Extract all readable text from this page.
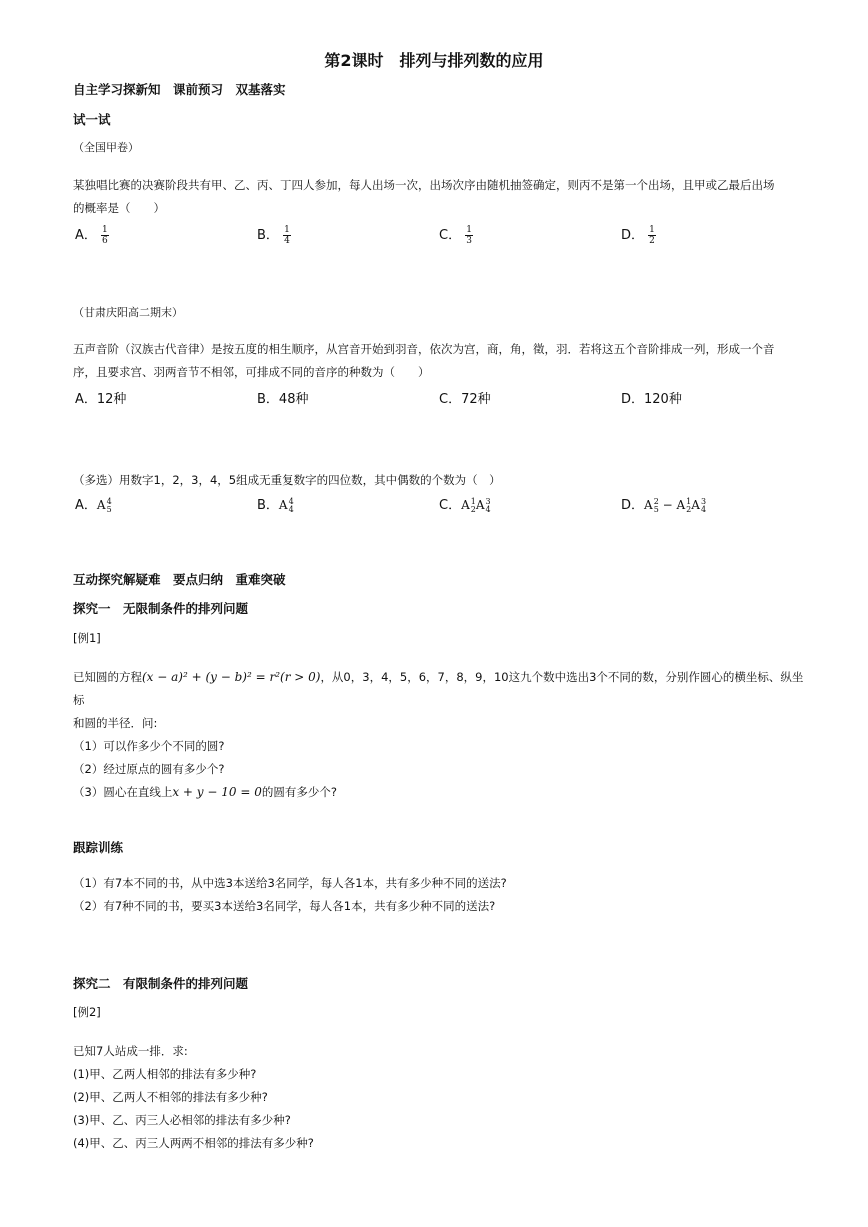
第2课时　排列与排列数的应用
自主学习探新知　课前预习　双基落实
试一试
（全国甲卷）
某独唱比赛的决赛阶段共有甲、乙、丙、丁四人参加，每人出场一次，出场次序由随机抽签确定，则丙不是第一个出场，且甲或乙最后出场
的概率是（　　）
A． $\frac{1}{6}$	B． $\frac{1}{4}$	C． $\frac{1}{3}$	D． $\frac{1}{2}$
（甘肃庆阳高二期末）
五声音阶（汉族古代音律）是按五度的相生顺序，从宫音开始到羽音，依次为宫，商，角，徵，羽．若将这五个音阶排成一列，形成一个音
序，且要求宫、羽两音节不相邻，可排成不同的音序的种数为（　　）
A．12种	B．48种	C．72种	D．120种
（多选）用数字1，2，3，4，5组成无重复数字的四位数，其中偶数的个数为（　）
A．A 4
5	B．A 4
4	C．A 1
2 A 3
4	D．A 2
5 − A 1
2 A 3
4
互动探究解疑难　要点归纳　重难突破
探究一　无限制条件的排列问题
[例1]
已知圆的方程(x − a)² + (y − b)² = r²(r > 0)，从0，3，4，5，6，7，8，9，10这九个数中选出3个不同的数，分别作圆心的横坐标、纵坐标
和圆的半径．问:
（1）可以作多少个不同的圆?
（2）经过原点的圆有多少个?
（3）圆心在直线上x + y − 10 = 0的圆有多少个?
跟踪训练
（1）有7本不同的书，从中选3本送给3名同学，每人各1本，共有多少种不同的送法?
（2）有7种不同的书，要买3本送给3名同学，每人各1本，共有多少种不同的送法?
探究二　有限制条件的排列问题
[例2]
已知7人站成一排．求:
(1)甲、乙两人相邻的排法有多少种?
(2)甲、乙两人不相邻的排法有多少种?
(3)甲、乙、丙三人必相邻的排法有多少种?
(4)甲、乙、丙三人两两不相邻的排法有多少种?
